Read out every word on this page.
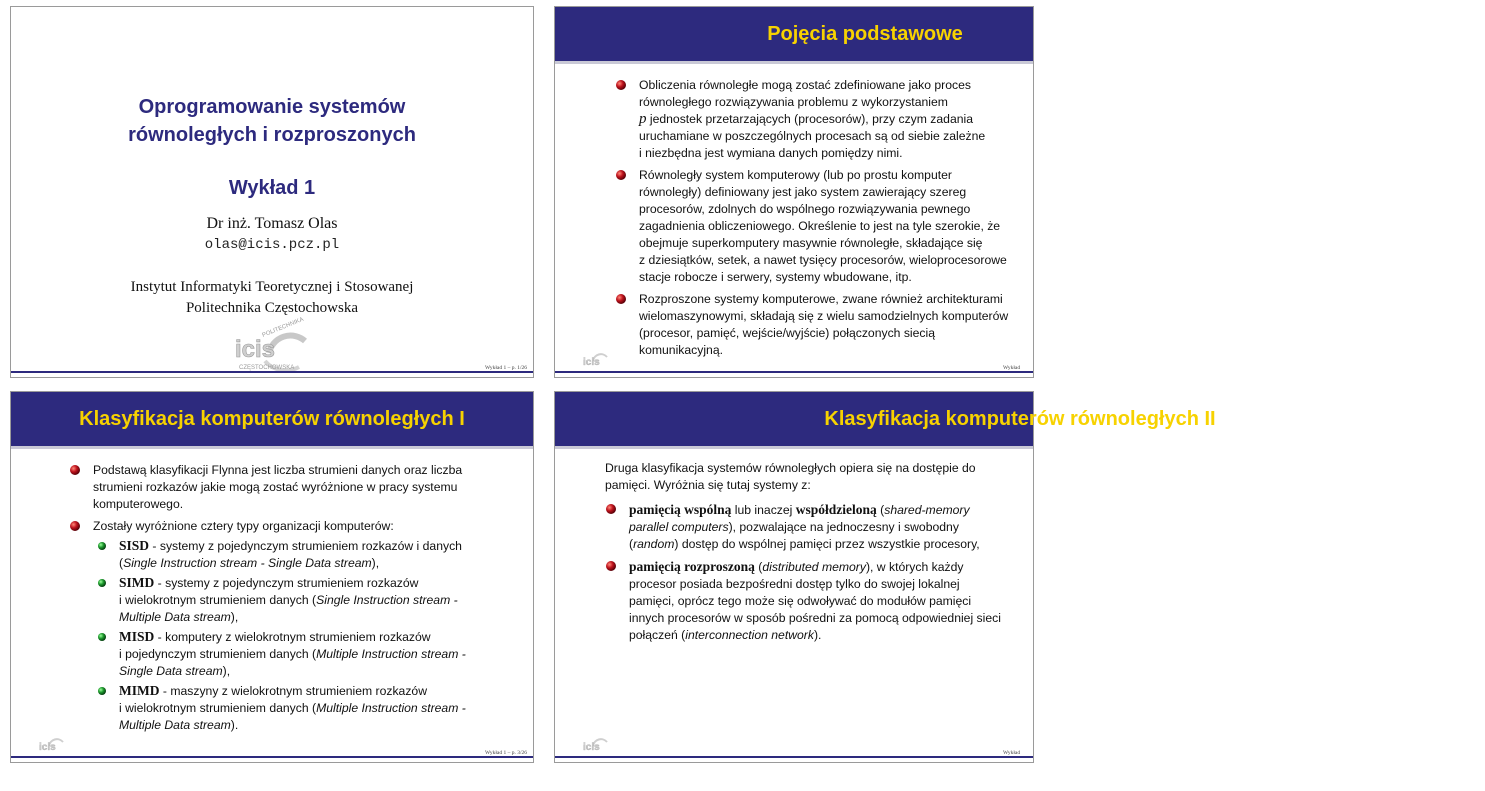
Oprogramowanie systemów
równoległych i rozproszonych
Wykład 1
Dr inż. Tomasz Olas
olas@icis.pcz.pl
Instytut Informatyki Teoretycznej i Stosowanej
Politechnika Częstochowska
icis
POLITECHNIKA
CZĘSTOCHOWSKA	Wykład 1 – p. 1/26
Pojęcia podstawowe
Obliczenia równoległe mogą zostać zdefiniowane jako proces
równoległego rozwiązywania problemu z wykorzystaniem
p jednostek przetarzających (procesorów), przy czym zadania
uruchamiane w poszczególnych procesach są od siebie zależne
i niezbędna jest wymiana danych pomiędzy nimi.
Równoległy system komputerowy (lub po prostu komputer
równoległy) definiowany jest jako system zawierający szereg
procesorów, zdolnych do wspólnego rozwiązywania pewnego
zagadnienia obliczeniowego. Określenie to jest na tyle szerokie, że
obejmuje superkomputery masywnie równoległe, składające się
z dziesiątków, setek, a nawet tysięcy procesorów, wieloprocesorowe
stacje robocze i serwery, systemy wbudowane, itp.
Rozproszone systemy komputerowe, zwane również architekturami
wielomaszynowymi, składają się z wielu samodzielnych komputerów
(procesor, pamięć, wejście/wyjście) połączonych siecią
komunikacyjną.
icis	Wykład
Klasyfikacja komputerów równoległych I
Podstawą klasyfikacji Flynna jest liczba strumieni danych oraz liczba
strumieni rozkazów jakie mogą zostać wyróżnione w pracy systemu
komputerowego.
Zostały wyróżnione cztery typy organizacji komputerów:
SISD - systemy z pojedynczym strumieniem rozkazów i danych
(Single Instruction stream - Single Data stream),
SIMD - systemy z pojedynczym strumieniem rozkazów
i wielokrotnym strumieniem danych (Single Instruction stream -
Multiple Data stream),
MISD - komputery z wielokrotnym strumieniem rozkazów
i pojedynczym strumieniem danych (Multiple Instruction stream -
Single Data stream),
MIMD - maszyny z wielokrotnym strumieniem rozkazów
i wielokrotnym strumieniem danych (Multiple Instruction stream -
Multiple Data stream).
icis	Wykład 1 – p. 3/26
Klasyfikacja komputerów równoległych II
Druga klasyfikacja systemów równoległych opiera się na dostępie do
pamięci. Wyróżnia się tutaj systemy z:
pamięcią wspólną lub inaczej współdzieloną (shared-memory
parallel computers), pozwalające na jednoczesny i swobodny
(random) dostęp do wspólnej pamięci przez wszystkie procesory,
pamięcią rozproszoną (distributed memory), w których każdy
procesor posiada bezpośredni dostęp tylko do swojej lokalnej
pamięci, oprócz tego może się odwoływać do modułów pamięci
innych procesorów w sposób pośredni za pomocą odpowiedniej sieci
połączeń (interconnection network).
icis	Wykład
